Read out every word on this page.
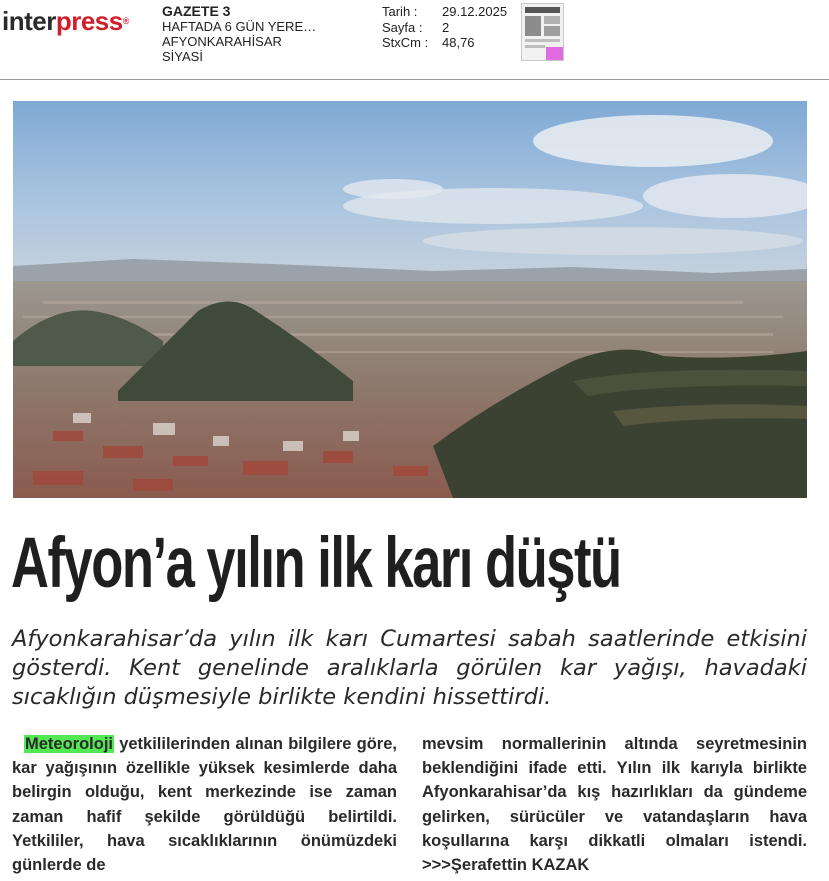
interpress®
GAZETE 3
HAFTADA 6 GÜN YERE…
AFYONKARAHİSAR
SİYASİ
Tarih :	29.12.2025
Sayfa :	2
StxCm :	48,76
Afyon’a yılın ilk karı düştü

Afyonkarahisar’da yılın ilk karı Cumartesi sabah saatlerinde etkisini gösterdi. Kent genelinde aralıklarla görülen kar yağışı, havadaki sıcaklığın düşmesiyle birlikte kendini hissettirdi.

Meteoroloji yetkililerinden alınan bilgilere göre, kar yağışının özellikle yüksek kesimlerde daha belirgin olduğu, kent merkezinde ise zaman zaman hafif şekilde görüldüğü belirtildi. Yetkililer, hava sıcaklıklarının önümüzdeki günlerde de

mevsim normallerinin altında seyretmesinin beklendiğini ifade etti. Yılın ilk karıyla birlikte Afyonkarahisar’da kış hazırlıkları da gündeme gelirken, sürücüler ve vatandaşların hava koşullarına karşı dikkatli olmaları istendi. >>>Şerafettin KAZAK
